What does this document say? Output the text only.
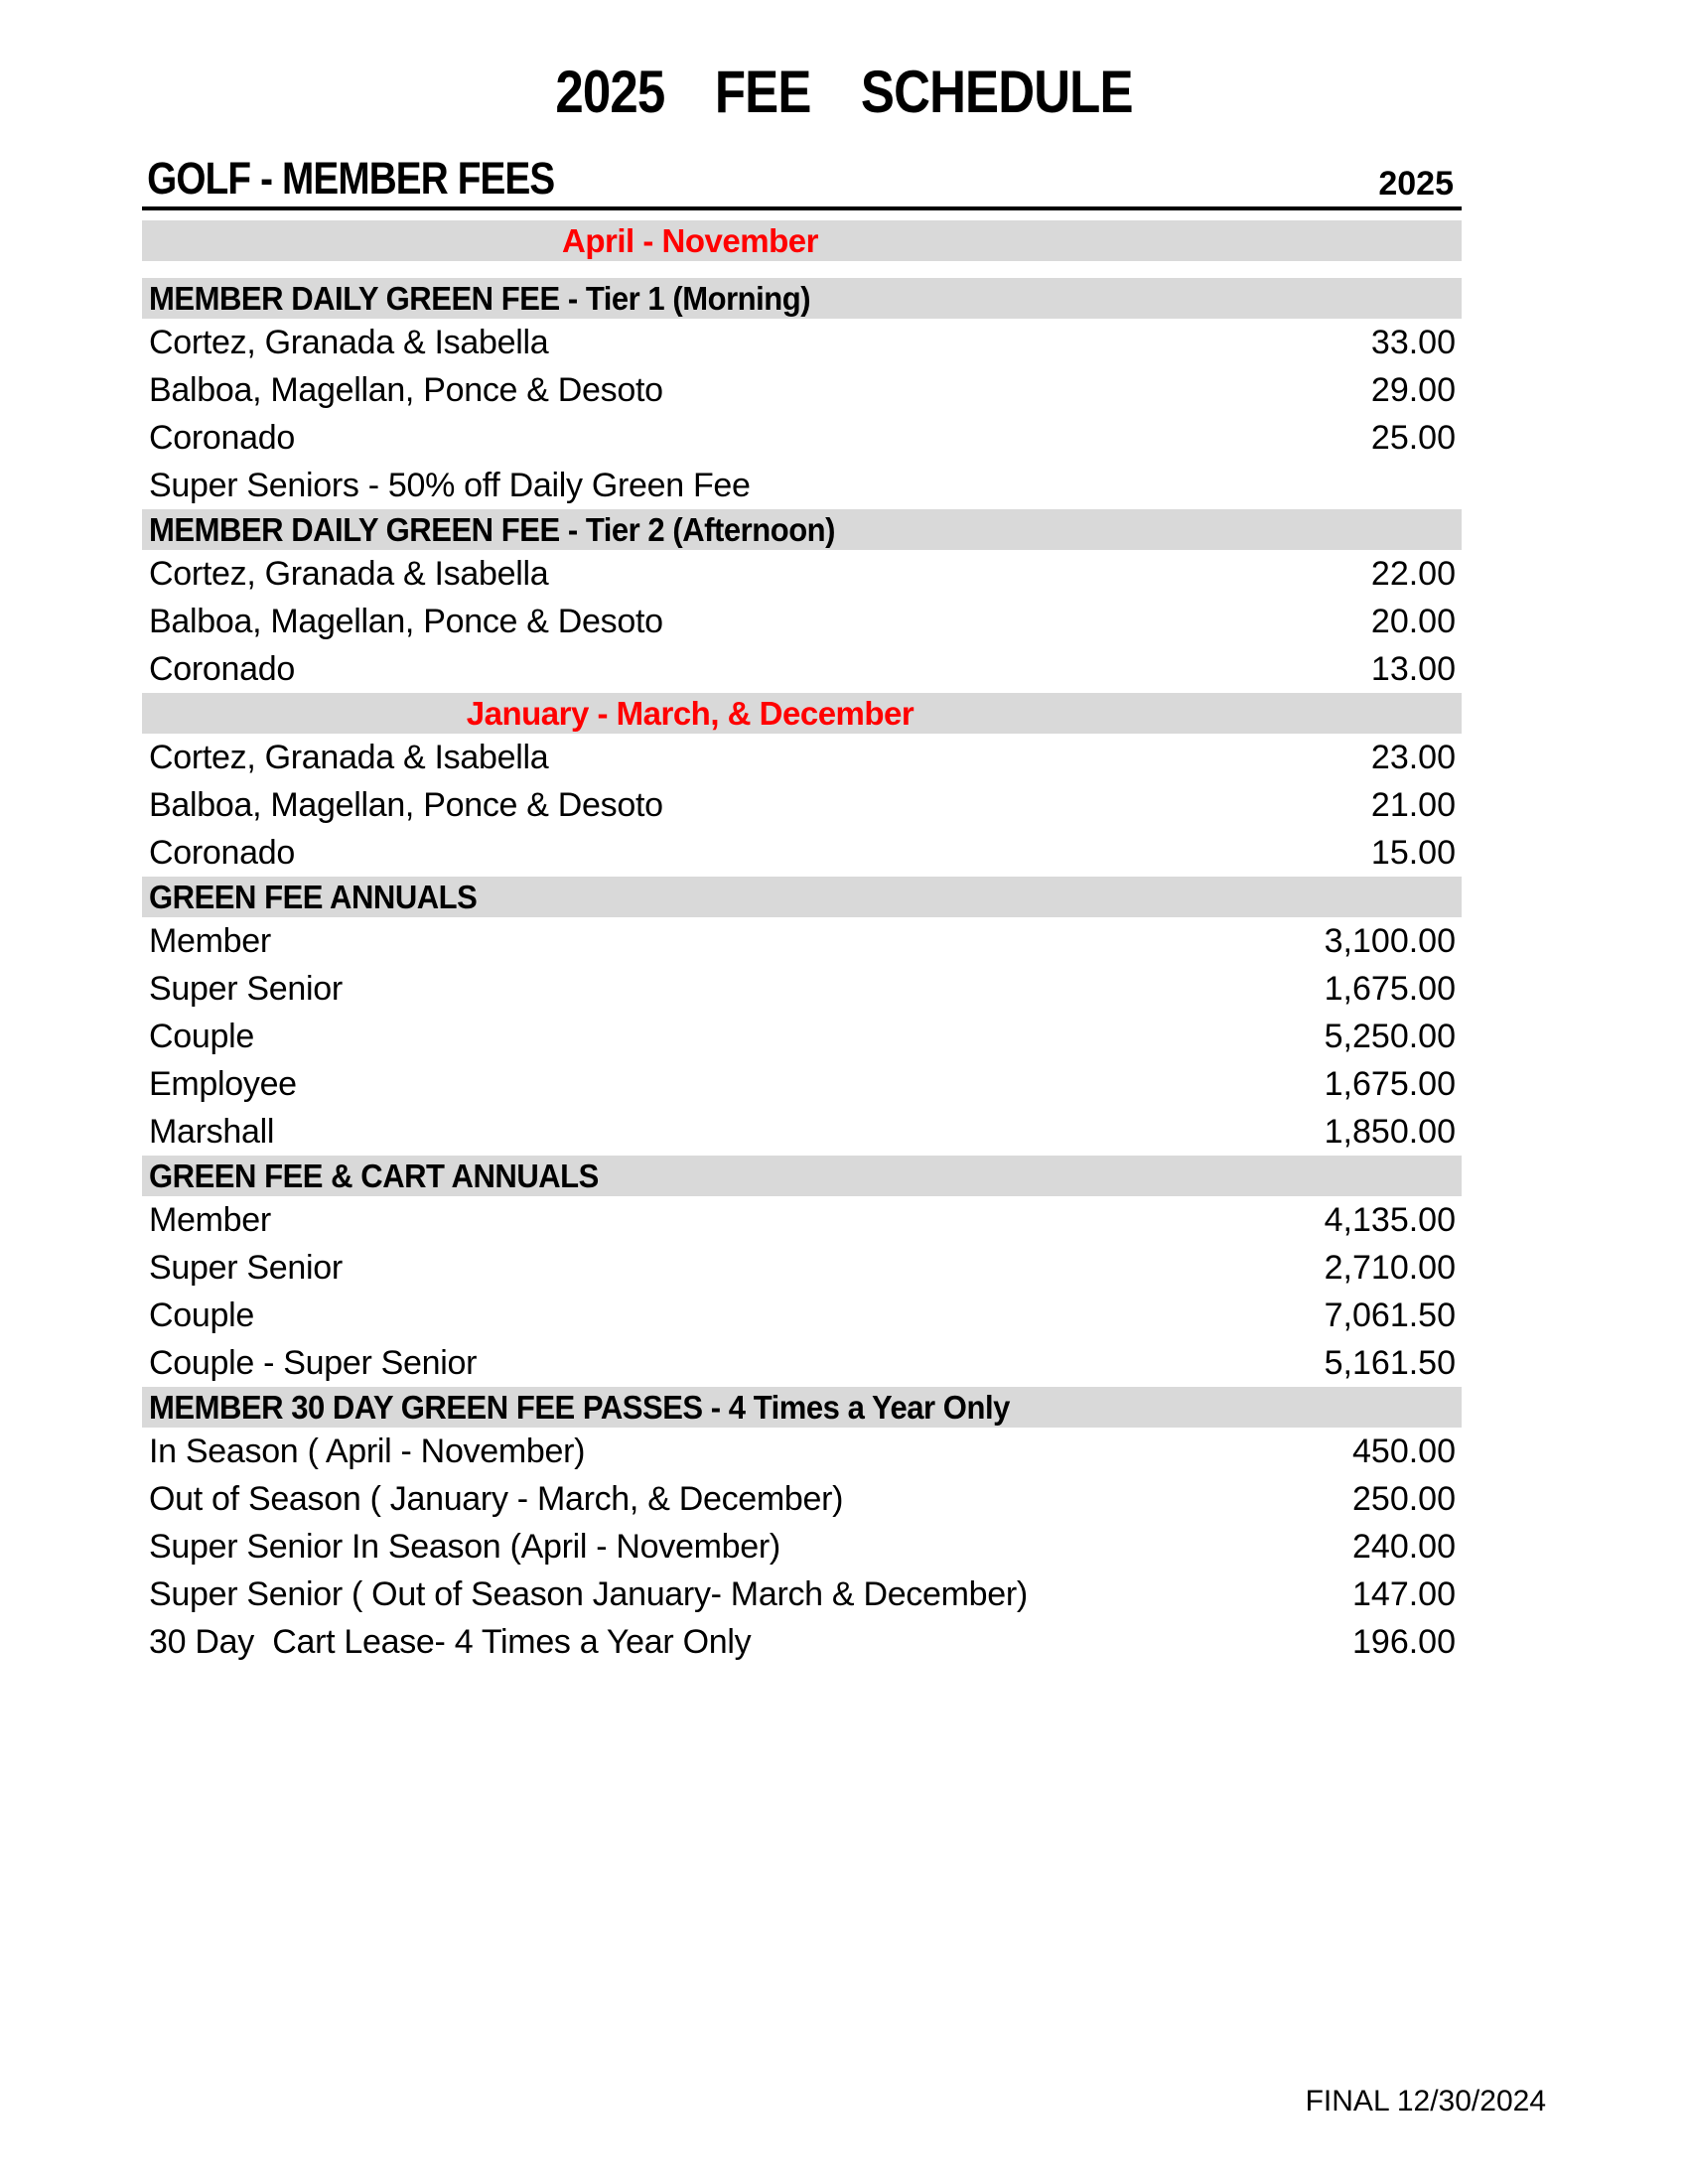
2025  FEE  SCHEDULE
GOLF - MEMBER FEES	2025
April - November
MEMBER DAILY GREEN FEE - Tier 1 (Morning)
Cortez, Granada & Isabella	33.00
Balboa, Magellan, Ponce & Desoto	29.00
Coronado	25.00
Super Seniors - 50% off Daily Green Fee
MEMBER DAILY GREEN FEE - Tier 2 (Afternoon)
Cortez, Granada & Isabella	22.00
Balboa, Magellan, Ponce & Desoto	20.00
Coronado	13.00
January - March, & December
Cortez, Granada & Isabella	23.00
Balboa, Magellan, Ponce & Desoto	21.00
Coronado	15.00
GREEN FEE ANNUALS
Member	3,100.00
Super Senior	1,675.00
Couple	5,250.00
Employee	1,675.00
Marshall	1,850.00
GREEN FEE & CART ANNUALS
Member	4,135.00
Super Senior	2,710.00
Couple	7,061.50
Couple - Super Senior	5,161.50
MEMBER 30 DAY GREEN FEE PASSES - 4 Times a Year Only
In Season ( April - November)	450.00
Out of Season ( January - March, & December)	250.00
Super Senior In Season (April - November)	240.00
Super Senior ( Out of Season January- March & December)	147.00
30 Day  Cart Lease- 4 Times a Year Only	196.00
FINAL 12/30/2024
